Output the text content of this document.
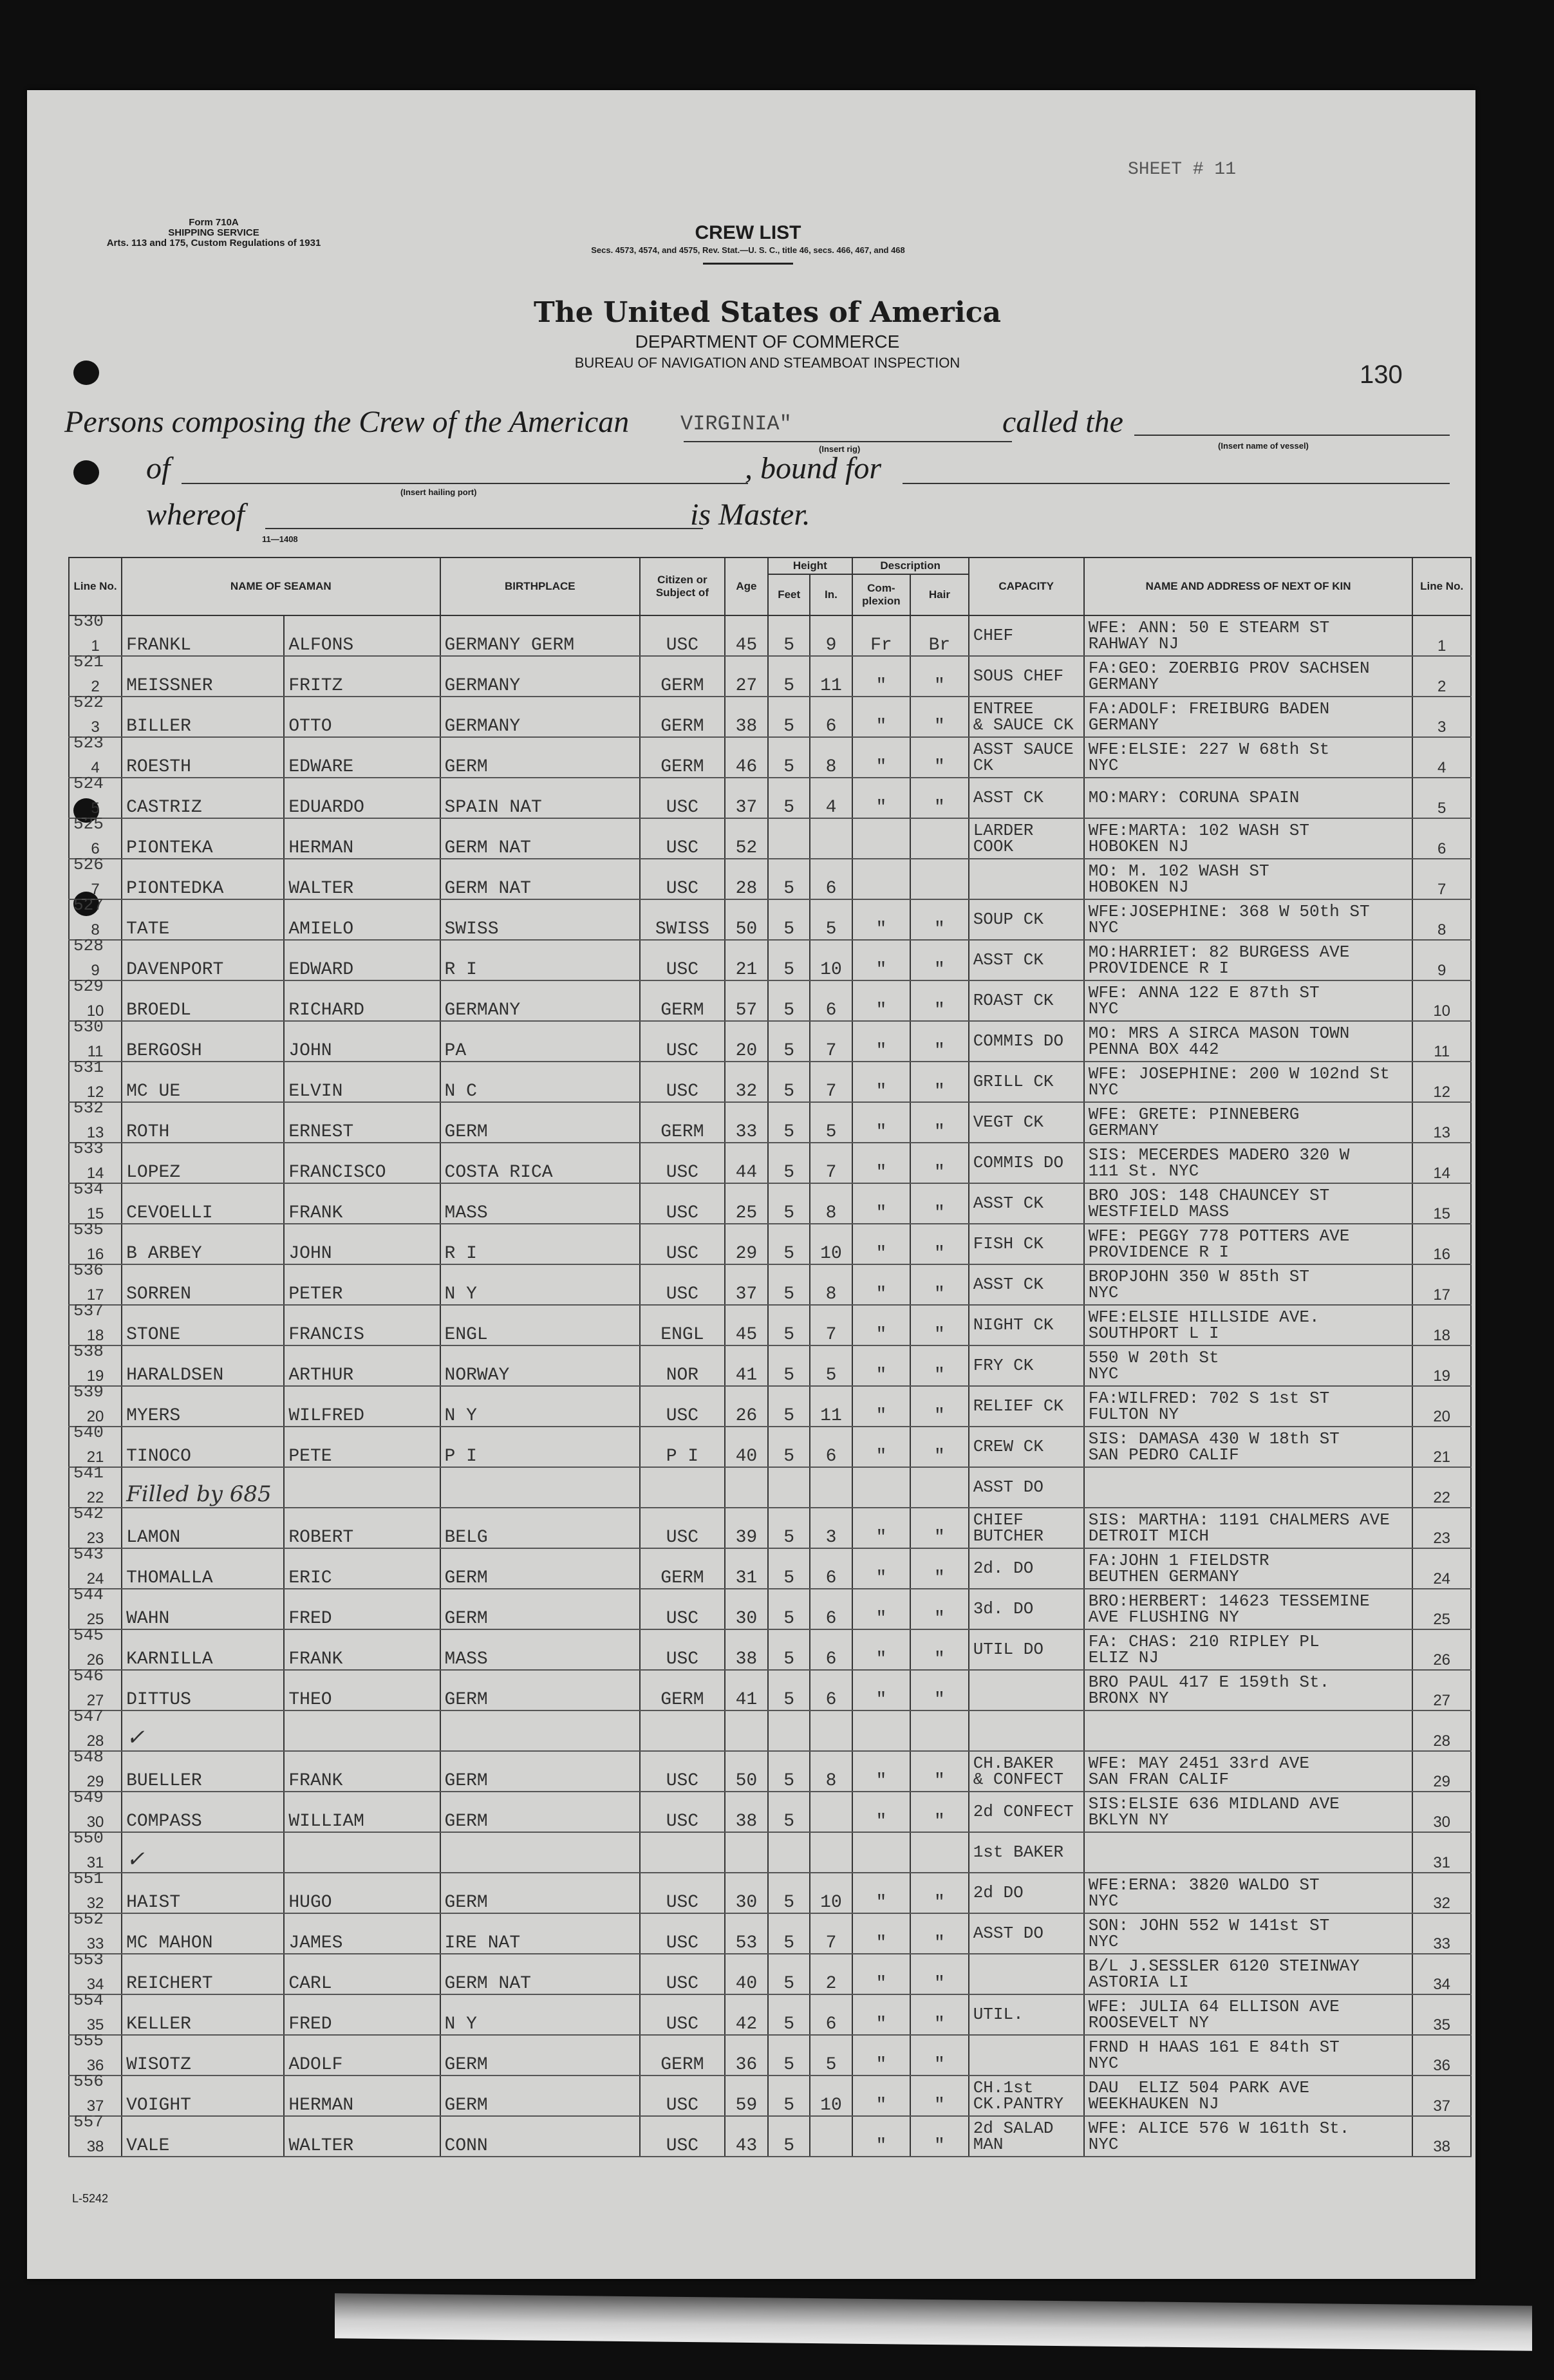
SHEET # 11
130
Form 710A
SHIPPING SERVICE
Arts. 113 and 175, Custom Regulations of 1931	CREW LIST
Secs. 4573, 4574, and 4575, Rev. Stat.—U. S. C., title 46, secs. 466, 467, and 468
The United States of America
DEPARTMENT OF COMMERCE
BUREAU OF NAVIGATION AND STEAMBOAT INSPECTION
Persons composing the Crew of the American VIRGINIA"
(Insert rig)
called the
(Insert name of vessel)
of
(Insert hailing port)
, bound for
whereof	is Master.
11—1408
Line No.	NAME OF SEAMAN		BIRTHPLACE	Citizen or Subject of	Age	Height		Description		CAPACITY	NAME AND ADDRESS OF NEXT OF KIN	Line No.
						Feet	In.	Com- plexion	Hair			
1	FRANKL	ALFONS	GERMANY GERM	USC	45	5	9	Fr	Br	CHEF	WFE: ANN: 50 E STEARM ST
RAHWAY NJ	1
2	MEISSNER	FRITZ	GERMANY	GERM	27	5	11	"	"	SOUS CHEF	FA:GEO: ZOERBIG PROV SACHSEN
GERMANY	2
3	BILLER	OTTO	GERMANY	GERM	38	5	6	"	"	ENTREE
& SAUCE CK	FA:ADOLF: FREIBURG BADEN
GERMANY	3
4	ROESTH	EDWARE	GERM	GERM	46	5	8	"	"	ASST SAUCE
CK	WFE:ELSIE: 227 W 68th St
NYC	4
5	CASTRIZ	EDUARDO	SPAIN NAT	USC	37	5	4	"	"	ASST CK	MO:MARY: CORUNA SPAIN	5
6	PIONTEKA	HERMAN	GERM NAT	USC	52					LARDER
COOK	WFE:MARTA: 102 WASH ST
HOBOKEN NJ	6
7	PIONTEDKA	WALTER	GERM NAT	USC	28	5	6				MO: M. 102 WASH ST
HOBOKEN NJ	7
8	TATE	AMIELO	SWISS	SWISS	50	5	5	"	"	SOUP CK	WFE:JOSEPHINE: 368 W 50th ST
NYC	8
9	DAVENPORT	EDWARD	R I	USC	21	5	10	"	"	ASST CK	MO:HARRIET: 82 BURGESS AVE
PROVIDENCE R I	9
10	BROEDL	RICHARD	GERMANY	GERM	57	5	6	"	"	ROAST CK	WFE: ANNA 122 E 87th ST
NYC	10
11	BERGOSH	JOHN	PA	USC	20	5	7	"	"	COMMIS DO	MO: MRS A SIRCA MASON TOWN
PENNA BOX 442	11
12	MC UE	ELVIN	N C	USC	32	5	7	"	"	GRILL CK	WFE: JOSEPHINE: 200 W 102nd St
NYC	12
13	ROTH	ERNEST	GERM	GERM	33	5	5	"	"	VEGT CK	WFE: GRETE: PINNEBERG
GERMANY	13
14	LOPEZ	FRANCISCO	COSTA RICA	USC	44	5	7	"	"	COMMIS DO	SIS: MECERDES MADERO 320 W
111 St. NYC	14
15	CEVOELLI	FRANK	MASS	USC	25	5	8	"	"	ASST CK	BRO JOS: 148 CHAUNCEY ST
WESTFIELD MASS	15
16	B ARBEY	JOHN	R I	USC	29	5	10	"	"	FISH CK	WFE: PEGGY 778 POTTERS AVE
PROVIDENCE R I	16
17	SORREN	PETER	N Y	USC	37	5	8	"	"	ASST CK	BROPJOHN 350 W 85th ST
NYC	17
18	STONE	FRANCIS	ENGL	ENGL	45	5	7	"	"	NIGHT CK	WFE:ELSIE HILLSIDE AVE.
SOUTHPORT L I	18
19	HARALDSEN	ARTHUR	NORWAY	NOR	41	5	5	"	"	FRY CK	550 W 20th St
NYC	19
20	MYERS	WILFRED	N Y	USC	26	5	11	"	"	RELIEF CK	FA:WILFRED: 702 S 1st ST
FULTON NY	20
21	TINOCO	PETE	P I	P I	40	5	6	"	"	CREW CK	SIS: DAMASA 430 W 18th ST
SAN PEDRO CALIF	21
22	Filled by 685									ASST DO		22
23	LAMON	ROBERT	BELG	USC	39	5	3	"	"	CHIEF
BUTCHER	SIS: MARTHA: 1191 CHALMERS AVE
DETROIT MICH	23
24	THOMALLA	ERIC	GERM	GERM	31	5	6	"	"	2d. DO	FA:JOHN 1 FIELDSTR
BEUTHEN GERMANY	24
25	WAHN	FRED	GERM	USC	30	5	6	"	"	3d. DO	BRO:HERBERT: 14623 TESSEMINE
AVE FLUSHING NY	25
26	KARNILLA	FRANK	MASS	USC	38	5	6	"	"	UTIL DO	FA: CHAS: 210 RIPLEY PL
ELIZ NJ	26
27	DITTUS	THEO	GERM	GERM	41	5	6	"	"		BRO PAUL 417 E 159th St.
BRONX NY	27
28	✓											28
29	BUELLER	FRANK	GERM	USC	50	5	8	"	"	CH.BAKER
& CONFECT	WFE: MAY 2451 33rd AVE
SAN FRAN CALIF	29
30	COMPASS	WILLIAM	GERM	USC	38	5		"	"	2d CONFECT	SIS:ELSIE 636 MIDLAND AVE
BKLYN NY	30
31	✓									1st BAKER		31
32	HAIST	HUGO	GERM	USC	30	5	10	"	"	2d DO	WFE:ERNA: 3820 WALDO ST
NYC	32
33	MC MAHON	JAMES	IRE NAT	USC	53	5	7	"	"	ASST DO	SON: JOHN 552 W 141st ST
NYC	33
34	REICHERT	CARL	GERM NAT	USC	40	5	2	"	"		B/L J.SESSLER 6120 STEINWAY
ASTORIA LI	34
35	KELLER	FRED	N Y	USC	42	5	6	"	"	UTIL.	WFE: JULIA 64 ELLISON AVE
ROOSEVELT NY	35
36	WISOTZ	ADOLF	GERM	GERM	36	5	5	"	"		FRND H HAAS 161 E 84th ST
NYC	36
37	VOIGHT	HERMAN	GERM	USC	59	5	10	"	"	CH.1st
CK.PANTRY	DAU  ELIZ 504 PARK AVE
WEEKHAUKEN NJ	37
38	VALE	WALTER	CONN	USC	43	5		"	"	2d SALAD
MAN	WFE: ALICE 576 W 161th St.
NYC	38
L-5242
530
521
522
523
524
525
526
527
528
529
530
531
532
533
534
535
536
537
538
539
540
541
542
543
544
545
546
547
548
549
550
551
552
553
554
555
556
557
